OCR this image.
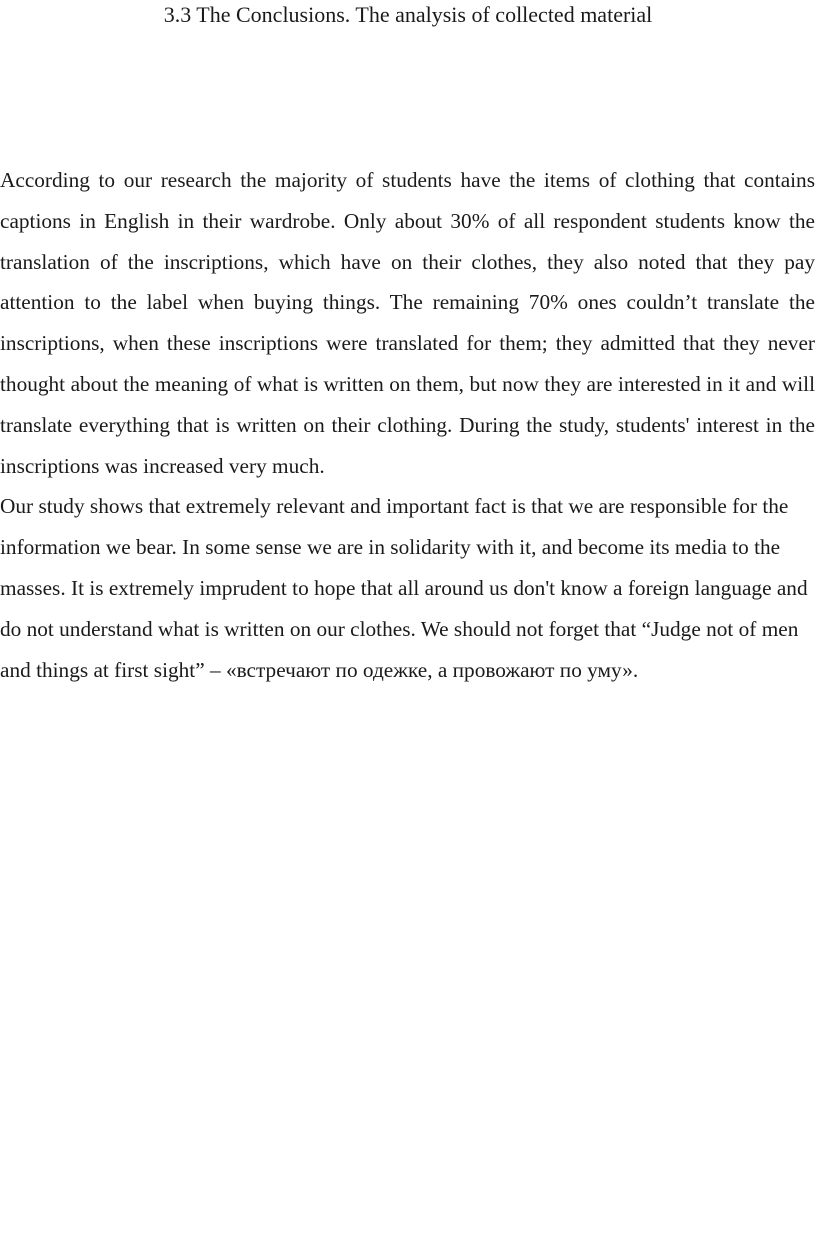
3.3 The Conclusions. The analysis of collected material

According to our research the majority of students have the items of clothing that contains captions in English in their wardrobe. Only about 30% of all respondent students know the translation of the inscriptions, which have on their clothes, they also noted that they pay attention to the label when buying things. The remaining 70% ones couldn’t translate the inscriptions, when these inscriptions were translated for them; they admitted that they never thought about the meaning of what is written on them, but now they are interested in it and will translate everything that is written on their clothing. During the study, students' interest in the inscriptions was increased very much.

Our study shows that extremely relevant and important fact is that we are responsible for the information we bear. In some sense we are in solidarity with it, and become its media to the masses. It is extremely imprudent to hope that all around us don't know a foreign language and do not understand what is written on our clothes. We should not forget that “Judge not of men and things at first sight” – «встречают по одежке, а провожают по уму».
